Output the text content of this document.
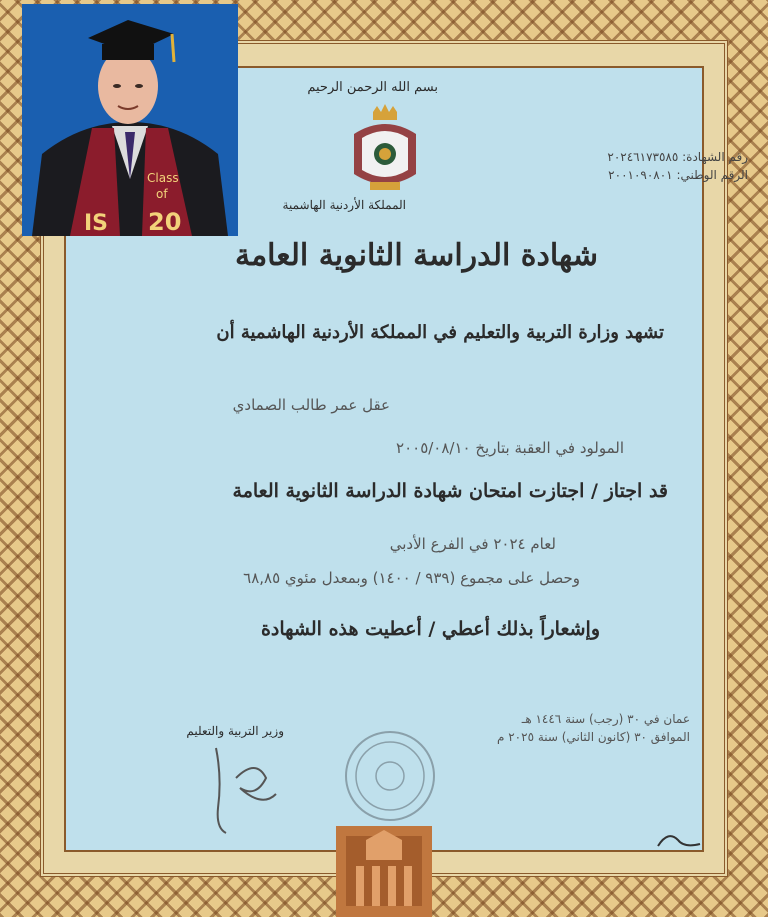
Class
of
20
IS
بسم الله الرحمن الرحيم
المملكة الأردنية الهاشمية
رقم الشهادة: ٢٠٢٤٦١٧٣٥٨٥
الرقم الوطني: ٢٠٠١٠٩٠٨٠١
شهادة الدراسة الثانوية العامة
تشهد وزارة التربية والتعليم في المملكة الأردنية الهاشمية أن
عقل عمر طالب الصمادي
المولود في العقبة بتاريخ ٢٠٠٥/٠٨/١٠
قد اجتاز / اجتازت امتحان شهادة الدراسة الثانوية العامة
لعام ٢٠٢٤ في الفرع الأدبي
وحصل على مجموع (٩٣٩ / ١٤٠٠) وبمعدل مئوي ٦٨,٨٥
وإشعاراً بذلك أعطي / أعطيت هذه الشهادة
وزير التربية والتعليم
عمان في ٣٠ (رجب) سنة ١٤٤٦ هـ
الموافق ٣٠ (كانون الثاني) سنة ٢٠٢٥ م
